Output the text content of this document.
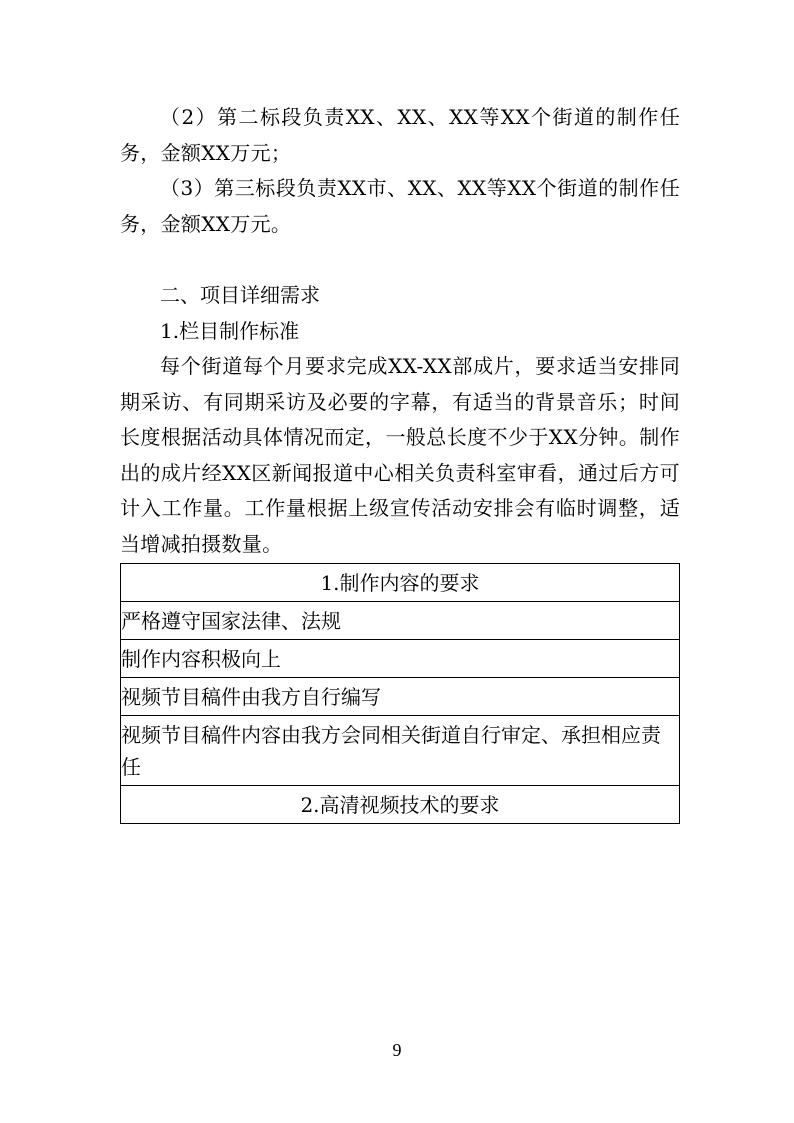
（2）第二标段负责XX、XX、XX等XX个街道的制作任务，金额XX万元；

（3）第三标段负责XX市、XX、XX等XX个街道的制作任务，金额XX万元。

二、项目详细需求

1.栏目制作标准

每个街道每个月要求完成XX-XX部成片，要求适当安排同期采访、有同期采访及必要的字幕，有适当的背景音乐；时间长度根据活动具体情况而定，一般总长度不少于XX分钟。制作出的成片经XX区新闻报道中心相关负责科室审看，通过后方可计入工作量。工作量根据上级宣传活动安排会有临时调整，适当增减拍摄数量。

1.制作内容的要求
严格遵守国家法律、法规
制作内容积极向上
视频节目稿件由我方自行编写
视频节目稿件内容由我方会同相关街道自行审定、承担相应责任
2.高清视频技术的要求
9
